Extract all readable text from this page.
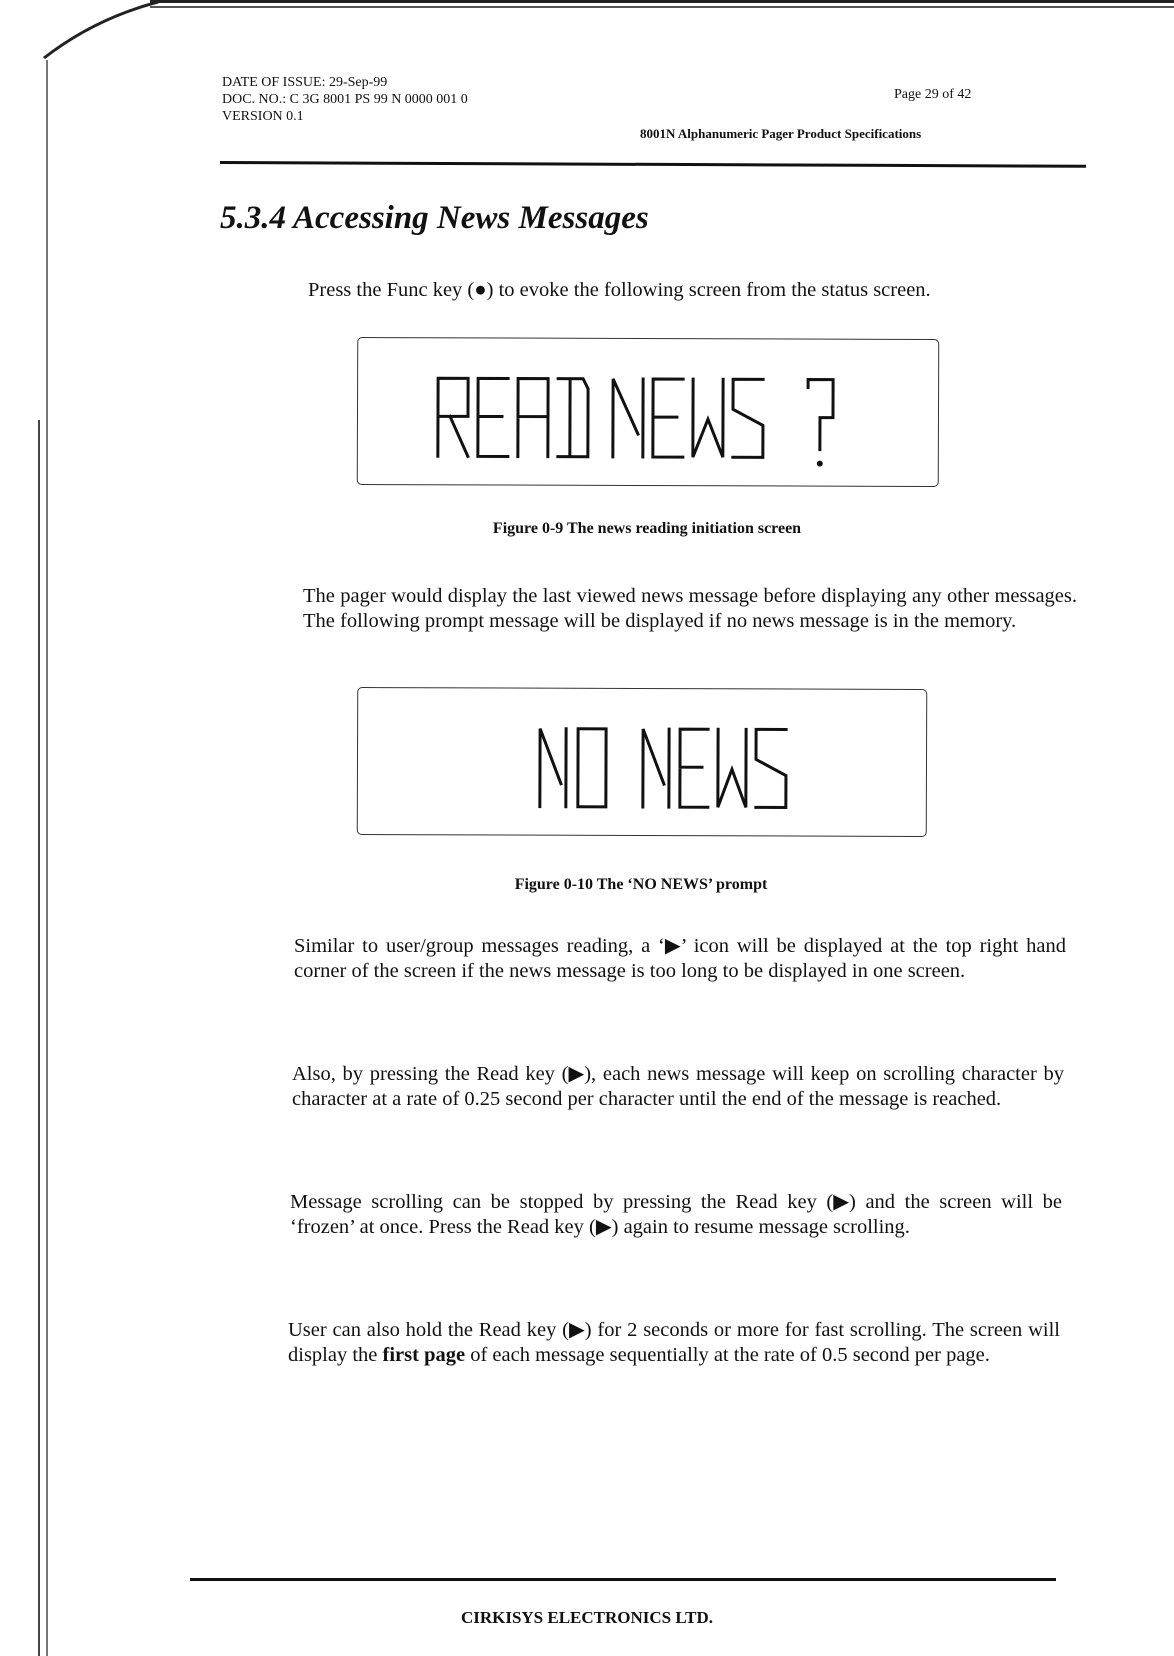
DATE OF ISSUE: 29-Sep-99
DOC. NO.: C 3G 8001 PS 99 N 0000 001 0
VERSION 0.1
Page 29 of 42
8001N Alphanumeric Pager Product Specifications
5.3.4 Accessing News Messages
Press the Func key (●) to evoke the following screen from the status screen.
Figure 0-9 The news reading initiation screen
The pager would display the last viewed news message before displaying any other messages. The following prompt message will be displayed if no news message is in the memory.
Figure 0-10 The ‘NO NEWS’ prompt
Similar to user/group messages reading, a ‘▶’ icon will be displayed at the top right hand corner of the screen if the news message is too long to be displayed in one screen.
Also, by pressing the Read key (▶), each news message will keep on scrolling character by character at a rate of 0.25 second per character until the end of the message is reached.
Message scrolling can be stopped by pressing the Read key (▶) and the screen will be ‘frozen’ at once. Press the Read key (▶) again to resume message scrolling.
User can also hold the Read key (▶) for 2 seconds or more for fast scrolling. The screen will display the first page of each message sequentially at the rate of 0.5 second per page.
CIRKISYS ELECTRONICS LTD.
